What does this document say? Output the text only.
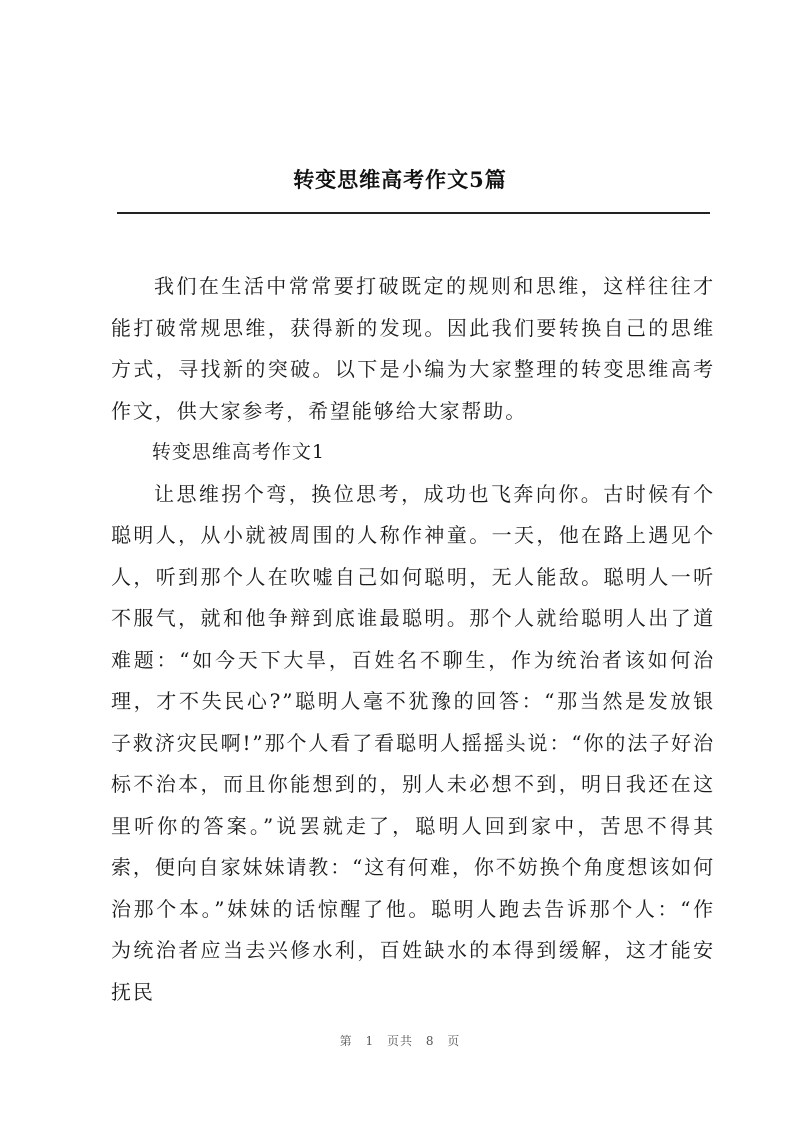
转变思维高考作文5篇

我们在生活中常常要打破既定的规则和思维，这样往往才能打破常规思维，获得新的发现。因此我们要转换自己的思维方式，寻找新的突破。以下是小编为大家整理的转变思维高考作文，供大家参考，希望能够给大家帮助。

转变思维高考作文1

让思维拐个弯，换位思考，成功也飞奔向你。古时候有个聪明人，从小就被周围的人称作神童。一天，他在路上遇见个人，听到那个人在吹嘘自己如何聪明，无人能敌。聪明人一听不服气，就和他争辩到底谁最聪明。那个人就给聪明人出了道难题：“如今天下大旱，百姓名不聊生，作为统治者该如何治理，才不失民心?”聪明人毫不犹豫的回答：“那当然是发放银子救济灾民啊!”那个人看了看聪明人摇摇头说：“你的法子好治标不治本，而且你能想到的，别人未必想不到，明日我还在这里听你的答案。”说罢就走了，聪明人回到家中，苦思不得其索，便向自家妹妹请教：“这有何难，你不妨换个角度想该如何治那个本。”妹妹的话惊醒了他。聪明人跑去告诉那个人：“作为统治者应当去兴修水利，百姓缺水的本得到缓解，这才能安抚民

第 1 页共 8 页
